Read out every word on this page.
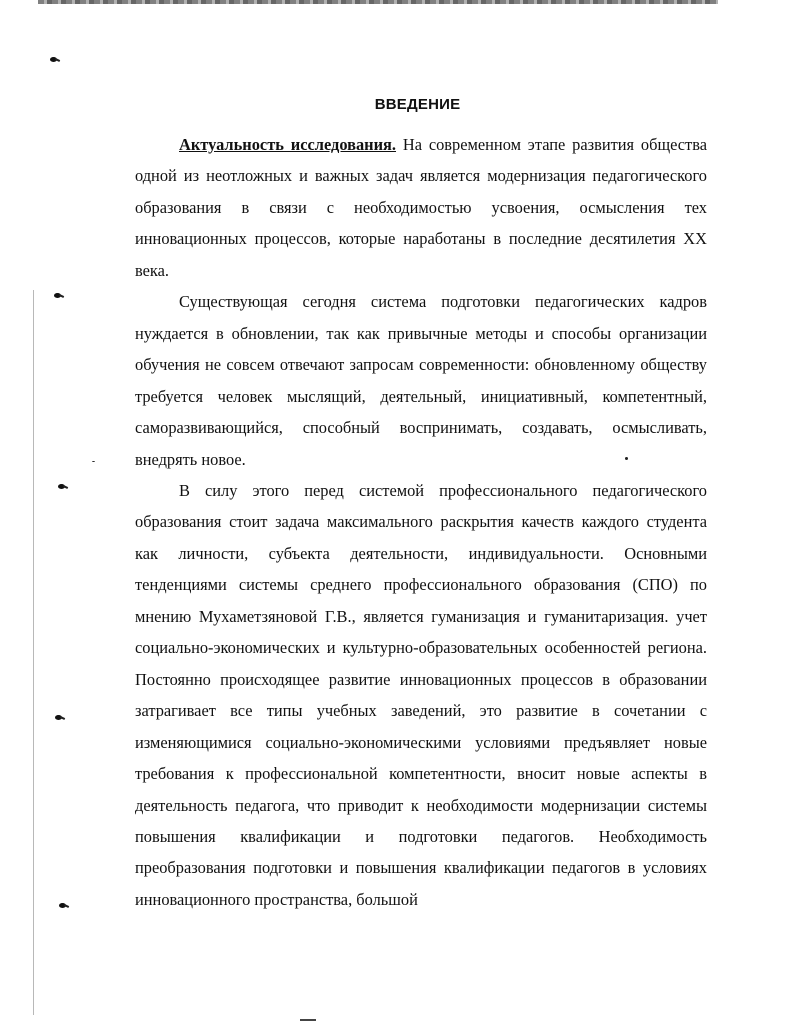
ВВЕДЕНИЕ

Актуальность исследования. На современном этапе развития общества одной из неотложных и важных задач является модернизация педагогического образования в связи с необходимостью усвоения, осмысления тех инновационных процессов, которые наработаны в последние десятилетия XX века.

Существующая сегодня система подготовки педагогических кадров нуждается в обновлении, так как привычные методы и способы организации обучения не совсем отвечают запросам современности: обновленному обществу требуется человек мыслящий, деятельный, инициативный, компетентный, саморазвивающийся, способный воспринимать, создавать, осмысливать, внедрять новое.

В силу этого перед системой профессионального педагогического образования стоит задача максимального раскрытия качеств каждого студента как личности, субъекта деятельности, индивидуальности. Основными тенденциями системы среднего профессионального образования (СПО) по мнению Мухаметзяновой Г.В., является гуманизация и гуманитаризация. учет социально-экономических и культурно-образовательных особенностей региона. Постоянно происходящее развитие инновационных процессов в образовании затрагивает все типы учебных заведений, это развитие в сочетании с изменяющимися социально-экономическими условиями предъявляет новые требования к профессиональной компетентности, вносит новые аспекты в деятельность педагога, что приводит к необходимости модернизации системы повышения квалификации и подготовки педагогов. Необходимость преобразования подготовки и повышения квалификации педагогов в условиях инновационного пространства, большой
